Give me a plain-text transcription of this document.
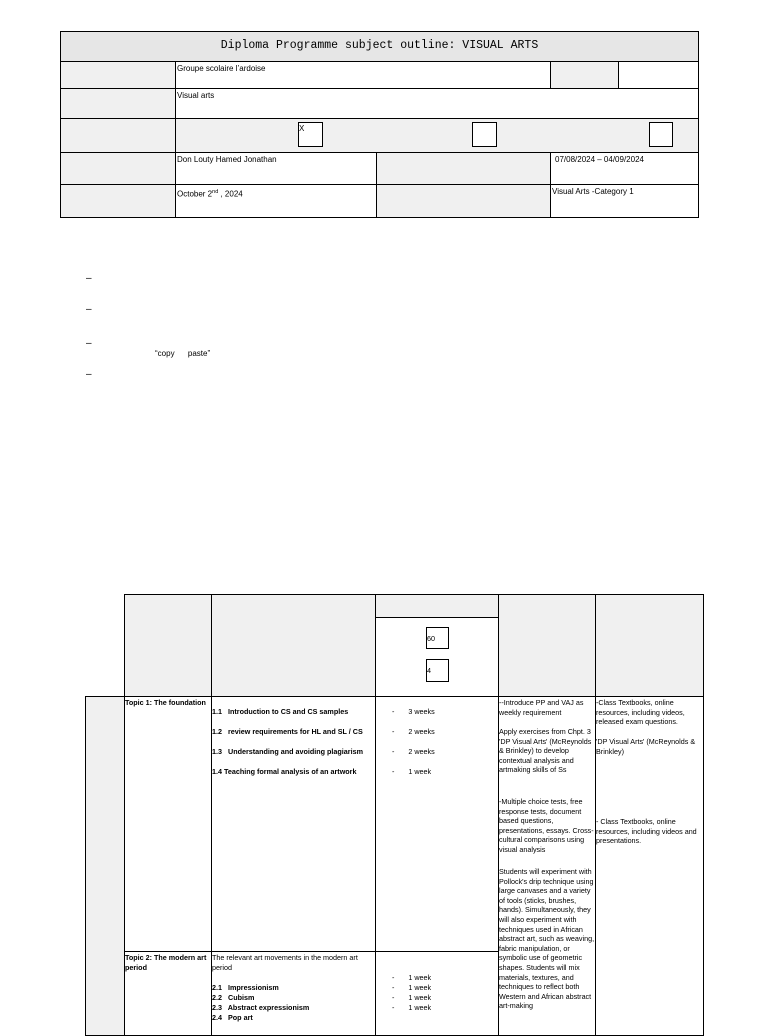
Diploma Programme subject outline: VISUAL ARTS
Groupe scolaire l’ardoise
Visual arts
X
Don Louty Hamed Jonathan	07/08/2024 – 04/09/2024
October 2nd , 2024	Visual Arts -Category 1
–
–
–
“copy      paste”
–
60
4
Topic 1: The foundation
1.1 Introduction to CS and CS samples
1.2 review requirements for HL and SL / CS
1.3 Understanding and avoiding plagiarism
1.4 Teaching formal analysis of an artwork
-       3 weeks
-       2 weeks
-       2 weeks
-       1 week
Topic 2: The modern art period
The relevant art movements in the modern art period
2.1 Impressionism
2.2 Cubism
2.3 Abstract expressionism
2.4 Pop art
-       1 week
-       1 week
-       1 week
-       1 week
--Introduce PP and VAJ as weekly requirement
Apply exercises from Chpt. 3 'DP Visual Arts' (McReynolds & Brinkley) to develop contextual analysis and artmaking skills of Ss
-Multiple choice tests, free response tests, document based questions, presentations, essays. Cross-cultural comparisons using visual analysis
Students will experiment with Pollock's drip technique using large canvases and a variety of tools (sticks, brushes, hands). Simultaneously, they will also experiment with techniques used in African abstract art, such as weaving, fabric manipulation, or symbolic use of geometric shapes. Students will mix materials, textures, and techniques to reflect both Western and African abstract art-making
-Class Textbooks, online resources, including videos, released exam questions.
'DP Visual Arts' (McReynolds & Brinkley)
- Class Textbooks, online resources, including videos and presentations.
